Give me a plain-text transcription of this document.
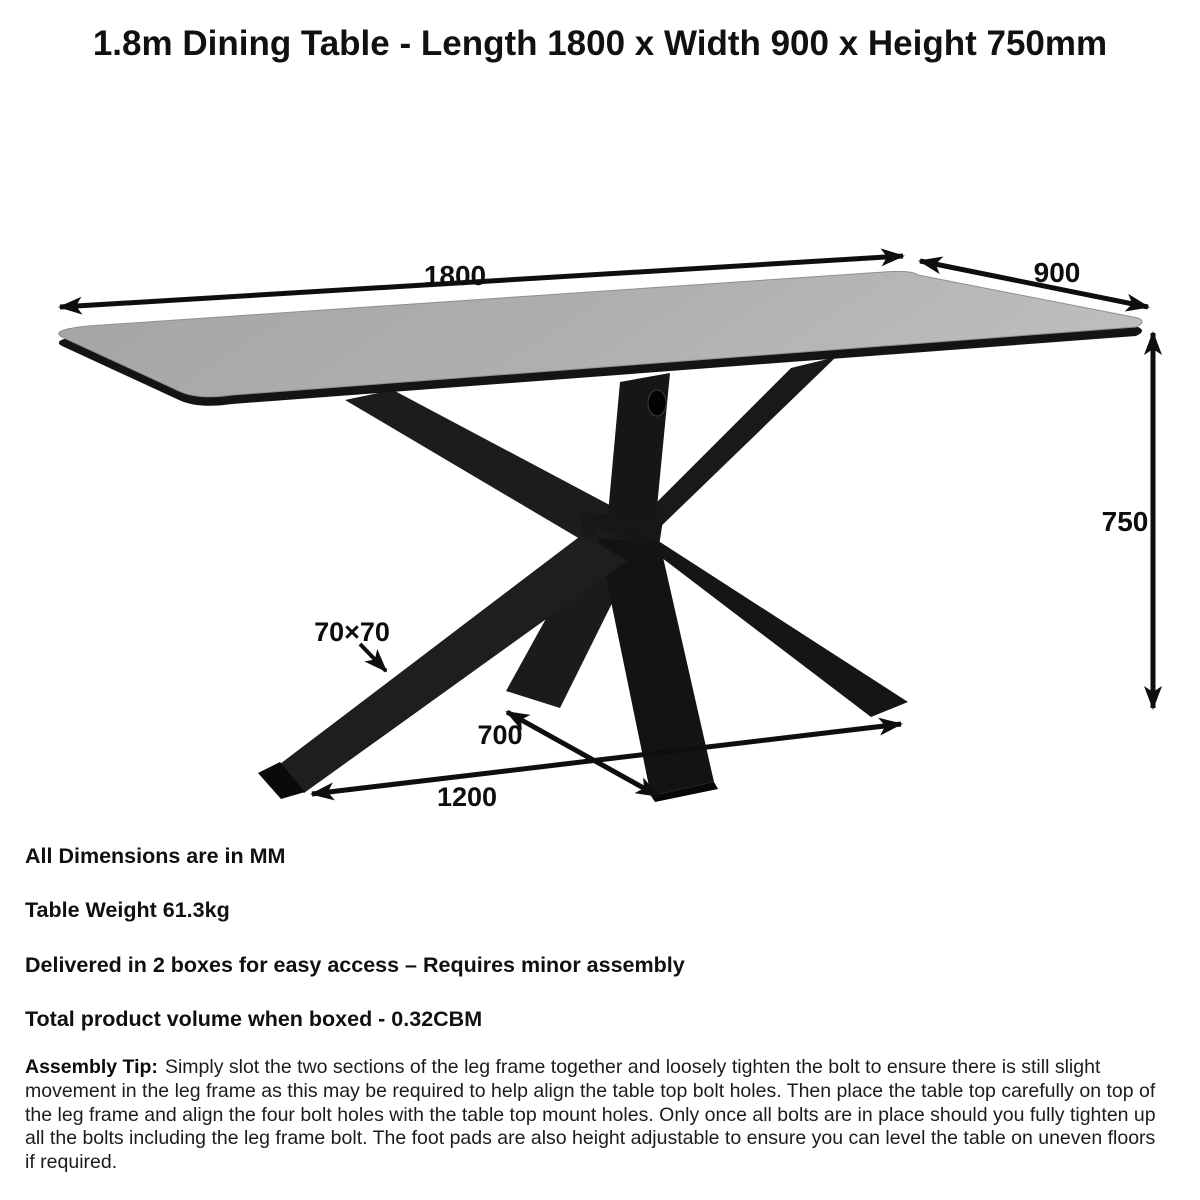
1.8m Dining Table - Length 1800 x Width 900 x Height 750mm
1800	900
750
70×70
700
1200
All Dimensions are in MM
Table Weight 61.3kg
Delivered in 2 boxes for easy access – Requires minor assembly
Total product volume when boxed - 0.32CBM
Assembly Tip: Simply slot the two sections of the leg frame together and loosely tighten the bolt to ensure there is still slight movement in the leg frame as this may be required to help align the table top bolt holes. Then place the table top carefully on top of the leg frame and align the four bolt holes with the table top mount holes. Only once all bolts are in place should you fully tighten up all the bolts including the leg frame bolt. The foot pads are also height adjustable to ensure you can level the table on uneven floors if required.
